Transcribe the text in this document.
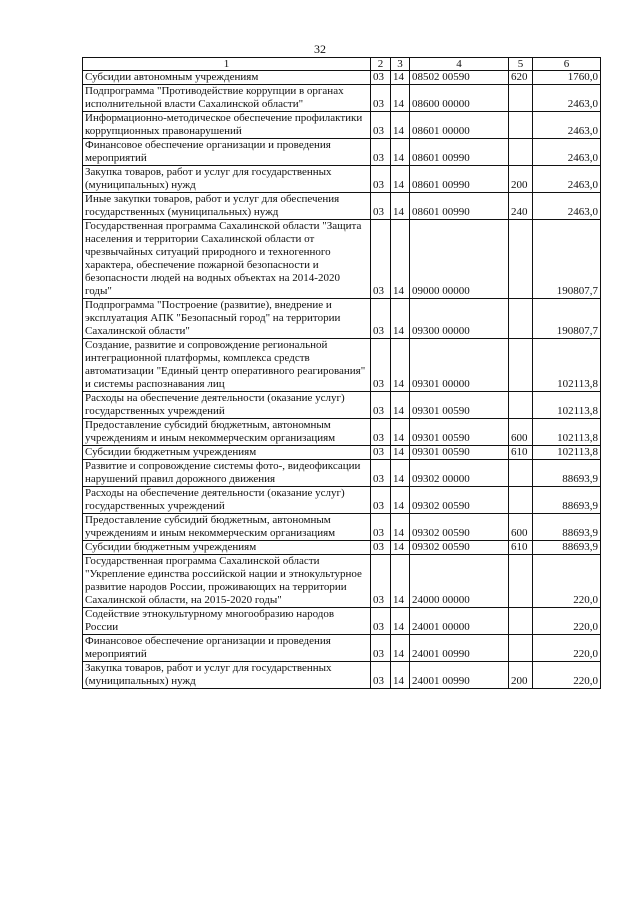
32
1	2	3	4	5	6
Субсидии автономным учреждениям	03	14	08502 00590	620	1760,0
Подпрограмма "Противодействие коррупции в органах исполнительной власти Сахалинской области"	03	14	08600 00000		2463,0
Информационно-методическое обеспечение профилактики коррупционных правонарушений	03	14	08601 00000		2463,0
Финансовое обеспечение организации и проведения мероприятий	03	14	08601 00990		2463,0
Закупка товаров, работ и услуг для государственных (муниципальных) нужд	03	14	08601 00990	200	2463,0
Иные закупки товаров, работ и услуг для обеспечения государственных (муниципальных) нужд	03	14	08601 00990	240	2463,0
Государственная программа Сахалинской области "Защита населения и территории Сахалинской области от чрезвычайных ситуаций природного и техногенного характера, обеспечение пожарной безопасности и безопасности людей на водных объектах на 2014-2020 годы"	03	14	09000 00000		190807,7
Подпрограмма "Построение (развитие), внедрение и эксплуатация АПК "Безопасный город" на территории Сахалинской области"	03	14	09300 00000		190807,7
Создание, развитие и сопровождение региональной интеграционной платформы, комплекса средств автоматизации "Единый центр оперативного реагирования" и системы распознавания лиц	03	14	09301 00000		102113,8
Расходы на обеспечение деятельности (оказание услуг) государственных учреждений	03	14	09301 00590		102113,8
Предоставление субсидий бюджетным, автономным учреждениям и иным некоммерческим организациям	03	14	09301 00590	600	102113,8
Субсидии бюджетным учреждениям	03	14	09301 00590	610	102113,8
Развитие и сопровождение системы фото-, видеофиксации нарушений правил дорожного движения	03	14	09302 00000		88693,9
Расходы на обеспечение деятельности (оказание услуг) государственных учреждений	03	14	09302 00590		88693,9
Предоставление субсидий бюджетным, автономным учреждениям и иным некоммерческим организациям	03	14	09302 00590	600	88693,9
Субсидии бюджетным учреждениям	03	14	09302 00590	610	88693,9
Государственная программа Сахалинской области "Укрепление единства российской нации и этнокультурное развитие народов России, проживающих на территории Сахалинской области, на 2015-2020 годы"	03	14	24000 00000		220,0
Содействие этнокультурному многообразию народов России	03	14	24001 00000		220,0
Финансовое обеспечение организации и проведения мероприятий	03	14	24001 00990		220,0
Закупка товаров, работ и услуг для государственных (муниципальных) нужд	03	14	24001 00990	200	220,0
